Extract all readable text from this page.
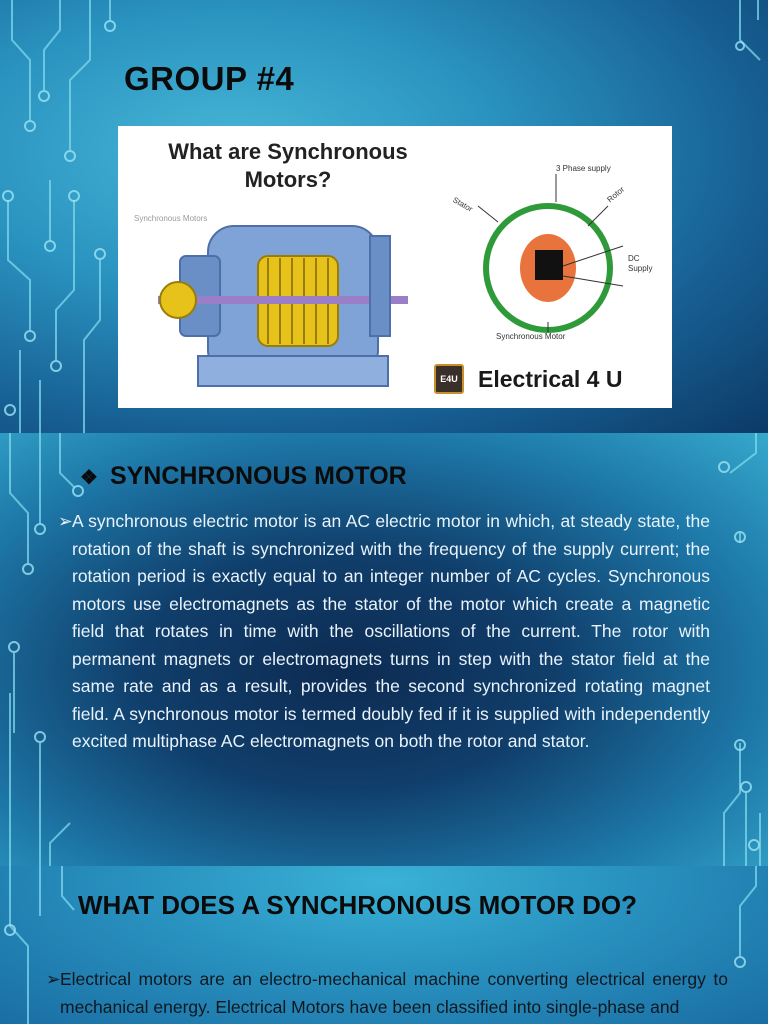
GROUP #4
What are Synchronous
Motors?
Synchronous Motors
3 Phase supply
Rotor
Stator
DC
Supply
Synchronous Motor
E4U Electrical 4 U
❖ SYNCHRONOUS MOTOR
➢ A synchronous electric motor is an AC electric motor in which, at steady state, the rotation of the shaft is synchronized with the frequency of the supply current; the rotation period is exactly equal to an integer number of AC cycles. Synchronous motors use electromagnets as the stator of the motor which create a magnetic field that rotates in time with the oscillations of the current. The rotor with permanent magnets or electromagnets turns in step with the stator field at the same rate and as a result, provides the second synchronized rotating magnet field. A synchronous motor is termed doubly fed if it is supplied with independently excited multiphase AC electromagnets on both the rotor and stator.
WHAT DOES A SYNCHRONOUS MOTOR DO?
➢ Electrical motors are an electro-mechanical machine converting electrical energy to mechanical energy. Electrical Motors have been classified into single-phase and
